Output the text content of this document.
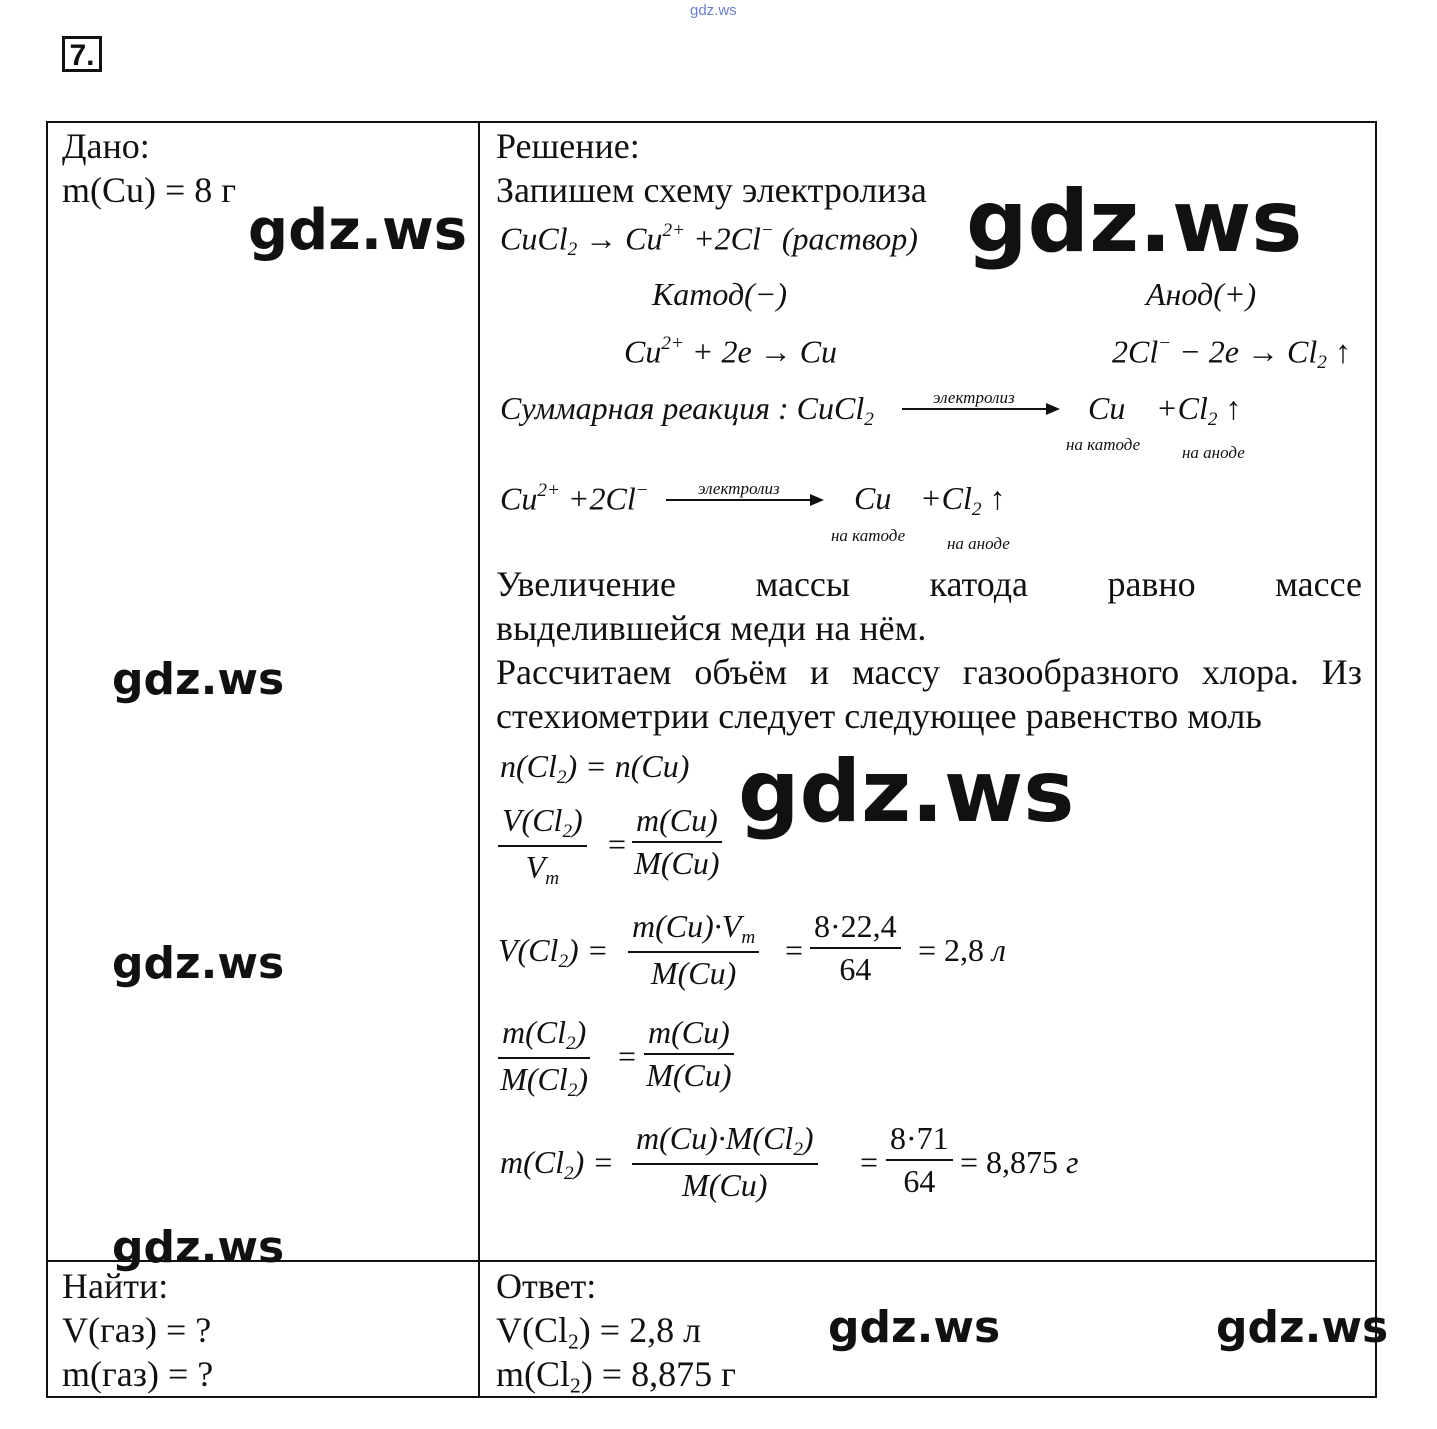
gdz.ws
7.
Дано:
m(Cu) = 8 г
Найти:
V(газ) = ?
m(газ) = ?
Решение:
Запишем схему электролиза
CuCl$_2$ → $Cu^{2+} +2Cl^-$ (раствор)
Катод(−)	Анод(+)
$Cu^{2+} + 2e \to Cu$	$2Cl^- - 2e \to Cl_2$ ↑
Суммарная реакция : CuCl$_2$
электролиз $Cu +Cl_2$ ↑
на катоде на аноде
$Cu^{2+} +2Cl^-$	электролиз $Cu +Cl_2$ ↑
на катоде на аноде
Увеличение массы катода равно массе
выделившейся меди на нём.
Рассчитаем объём и массу газообразного хлора. Из
стехиометрии следует следующее равенство моль
$n(Cl_2) = n(Cu)$
$\frac{V(Cl_2)}{V_m} = \frac{m(Cu)}{M(Cu)}$
$V(Cl_2) = \frac{m(Cu)\cdot V_m}{M(Cu)} = \frac{8\cdot 22,4}{64} = 2,8$ л
$\frac{m(Cl_2)}{M(Cl_2)} = \frac{m(Cu)}{M(Cu)}$
$m(Cl_2) = \frac{m(Cu)\cdot M(Cl_2)}{M(Cu)} = \frac{8\cdot 71}{64} = 8,875$ г
Ответ:
$V(Cl_2) = 2,8$ л
$m(Cl_2) = 8,875$ г
gdz.ws	gdz.ws
gdz.ws
gdz.ws
gdz.ws
gdz.ws
gdz.ws	gdz.ws
